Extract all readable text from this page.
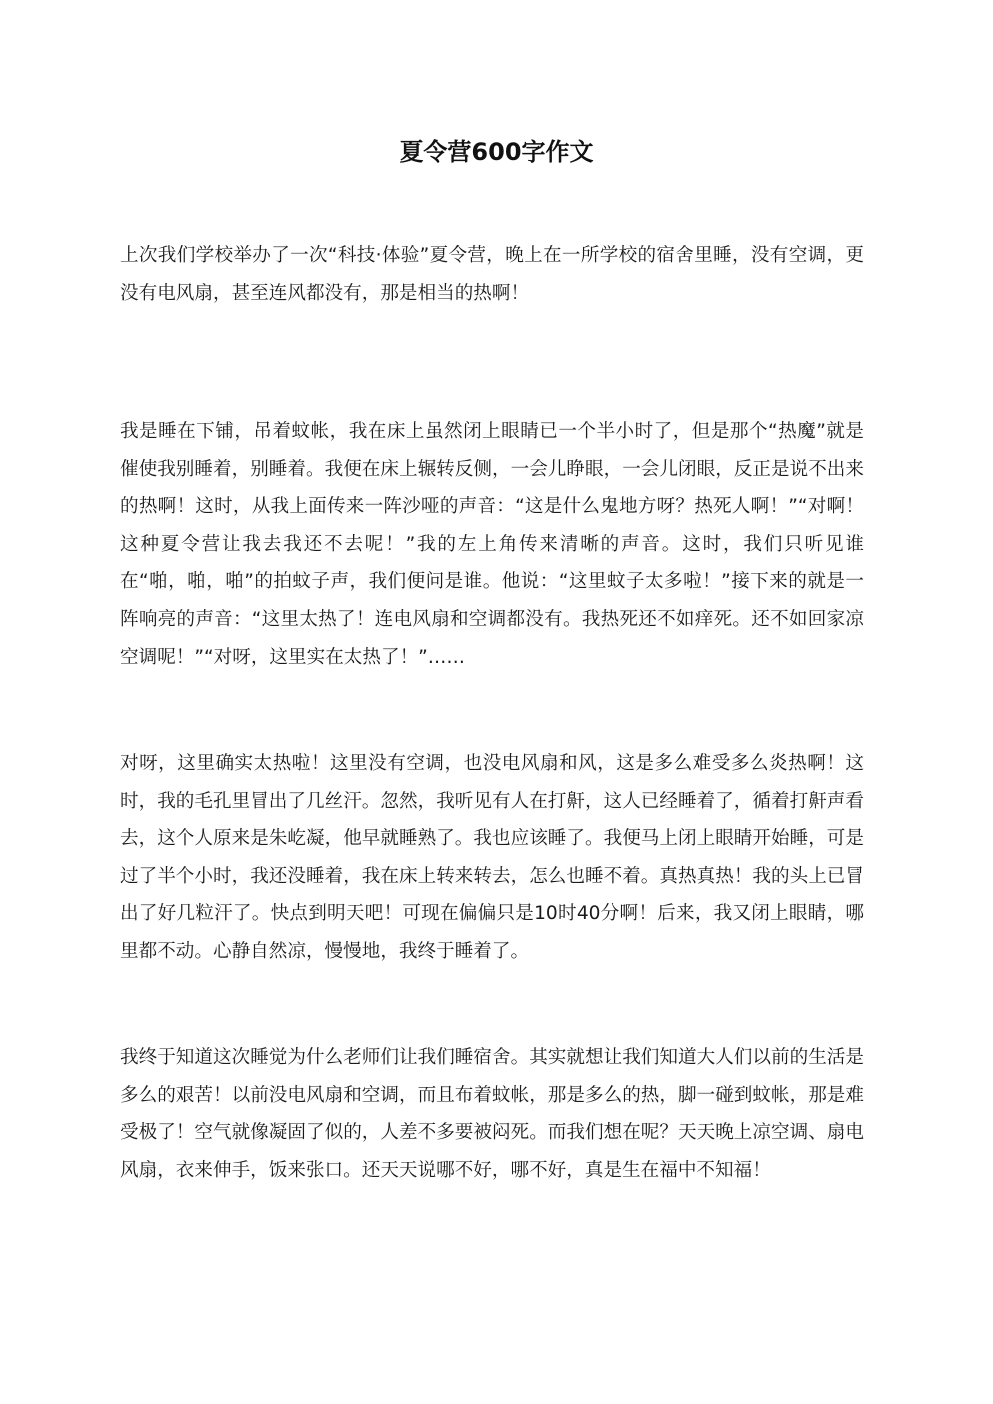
夏令营600字作文

上次我们学校举办了一次“科技·体验”夏令营，晚上在一所学校的宿舍里睡，没有空调，更没有电风扇，甚至连风都没有，那是相当的热啊！

我是睡在下铺，吊着蚊帐，我在床上虽然闭上眼睛已一个半小时了，但是那个“热魔”就是催使我别睡着，别睡着。我便在床上辗转反侧，一会儿睁眼，一会儿闭眼，反正是说不出来的热啊！这时，从我上面传来一阵沙哑的声音：“这是什么鬼地方呀？热死人啊！”“对啊！这种夏令营让我去我还不去呢！”我的左上角传来清晰的声音。这时，我们只听见谁在“啪，啪，啪”的拍蚊子声，我们便问是谁。他说：“这里蚊子太多啦！”接下来的就是一阵响亮的声音：“这里太热了！连电风扇和空调都没有。我热死还不如痒死。还不如回家凉空调呢！”“对呀，这里实在太热了！”……

对呀，这里确实太热啦！这里没有空调，也没电风扇和风，这是多么难受多么炎热啊！这时，我的毛孔里冒出了几丝汗。忽然，我听见有人在打鼾，这人已经睡着了，循着打鼾声看去，这个人原来是朱屹凝，他早就睡熟了。我也应该睡了。我便马上闭上眼睛开始睡，可是过了半个小时，我还没睡着，我在床上转来转去，怎么也睡不着。真热真热！我的头上已冒出了好几粒汗了。快点到明天吧！可现在偏偏只是10时40分啊！后来，我又闭上眼睛，哪里都不动。心静自然凉，慢慢地，我终于睡着了。

我终于知道这次睡觉为什么老师们让我们睡宿舍。其实就想让我们知道大人们以前的生活是多么的艰苦！以前没电风扇和空调，而且布着蚊帐，那是多么的热，脚一碰到蚊帐，那是难受极了！空气就像凝固了似的，人差不多要被闷死。而我们想在呢？天天晚上凉空调、扇电风扇，衣来伸手，饭来张口。还天天说哪不好，哪不好，真是生在福中不知福！
